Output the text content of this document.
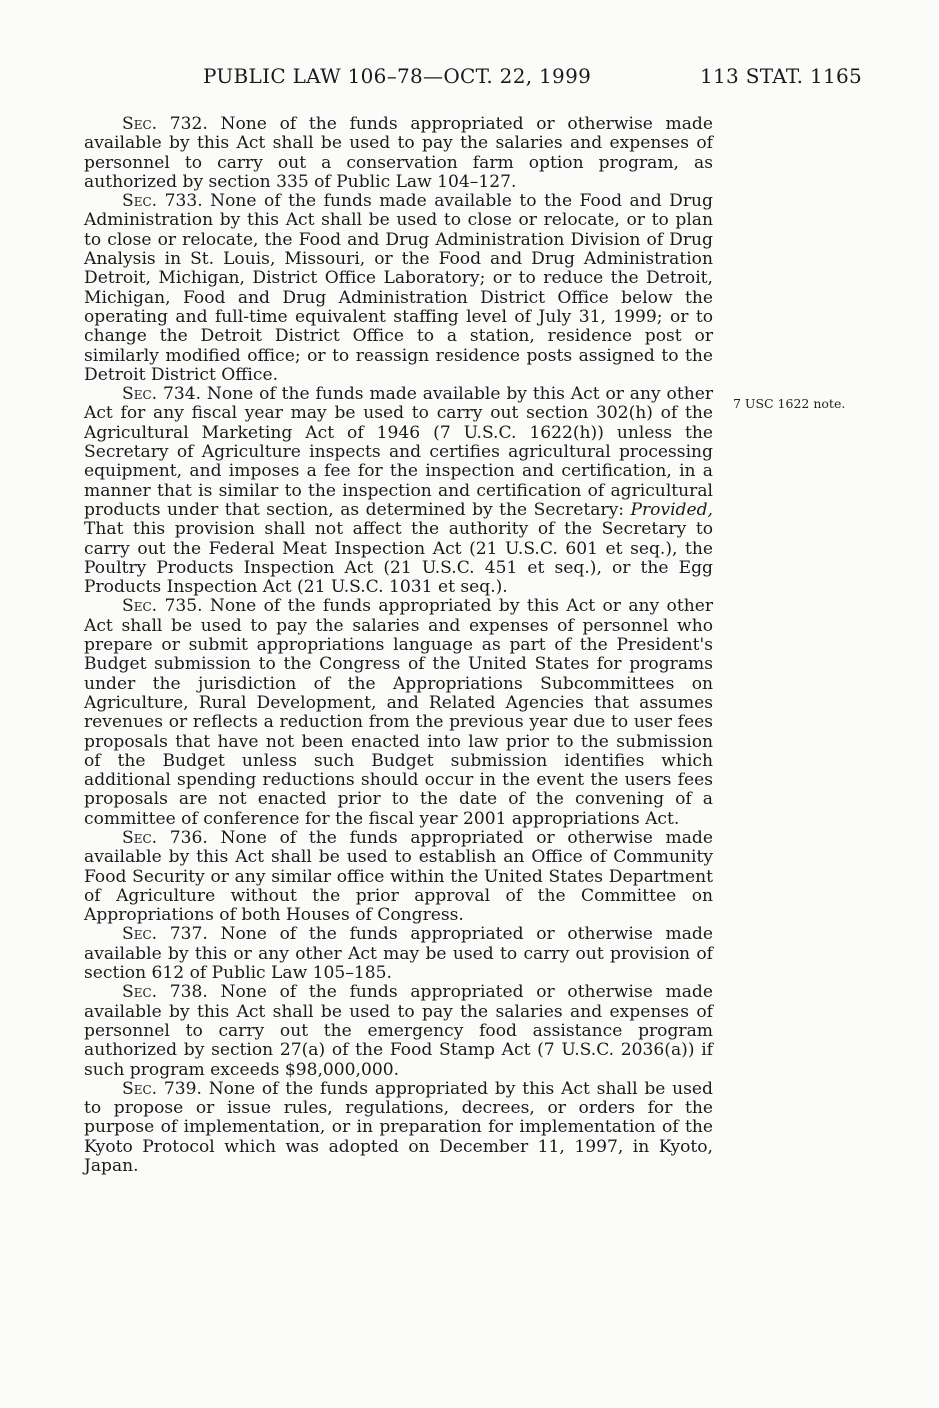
PUBLIC LAW 106–78—OCT. 22, 1999	113 STAT. 1165

Sec. 732. None of the funds appropriated or otherwise made available by this Act shall be used to pay the salaries and expenses of personnel to carry out a conservation farm option program, as authorized by section 335 of Public Law 104–127.

Sec. 733. None of the funds made available to the Food and Drug Administration by this Act shall be used to close or relocate, or to plan to close or relocate, the Food and Drug Administration Division of Drug Analysis in St. Louis, Missouri, or the Food and Drug Administration Detroit, Michigan, District Office Laboratory; or to reduce the Detroit, Michigan, Food and Drug Administration District Office below the operating and full-time equivalent staffing level of July 31, 1999; or to change the Detroit District Office to a station, residence post or similarly modified office; or to reassign residence posts assigned to the Detroit District Office.

Sec. 734. None of the funds made available by this Act or any other Act for any fiscal year may be used to carry out section 302(h) of the Agricultural Marketing Act of 1946 (7 U.S.C. 1622(h)) unless the Secretary of Agriculture inspects and certifies agricultural processing equipment, and imposes a fee for the inspection and certification, in a manner that is similar to the inspection and certification of agricultural products under that section, as determined by the Secretary: Provided, That this provision shall not affect the authority of the Secretary to carry out the Federal Meat Inspection Act (21 U.S.C. 601 et seq.), the Poultry Products Inspection Act (21 U.S.C. 451 et seq.), or the Egg Products Inspection Act (21 U.S.C. 1031 et seq.).

Sec. 735. None of the funds appropriated by this Act or any other Act shall be used to pay the salaries and expenses of personnel who prepare or submit appropriations language as part of the President's Budget submission to the Congress of the United States for programs under the jurisdiction of the Appropriations Subcommittees on Agriculture, Rural Development, and Related Agencies that assumes revenues or reflects a reduction from the previous year due to user fees proposals that have not been enacted into law prior to the submission of the Budget unless such Budget submission identifies which additional spending reductions should occur in the event the users fees proposals are not enacted prior to the date of the convening of a committee of conference for the fiscal year 2001 appropriations Act.

Sec. 736. None of the funds appropriated or otherwise made available by this Act shall be used to establish an Office of Community Food Security or any similar office within the United States Department of Agriculture without the prior approval of the Committee on Appropriations of both Houses of Congress.

Sec. 737. None of the funds appropriated or otherwise made available by this or any other Act may be used to carry out provision of section 612 of Public Law 105–185.

Sec. 738. None of the funds appropriated or otherwise made available by this Act shall be used to pay the salaries and expenses of personnel to carry out the emergency food assistance program authorized by section 27(a) of the Food Stamp Act (7 U.S.C. 2036(a)) if such program exceeds $98,000,000.

Sec. 739. None of the funds appropriated by this Act shall be used to propose or issue rules, regulations, decrees, or orders for the purpose of implementation, or in preparation for implementation of the Kyoto Protocol which was adopted on December 11, 1997, in Kyoto, Japan.

7 USC 1622 note.
